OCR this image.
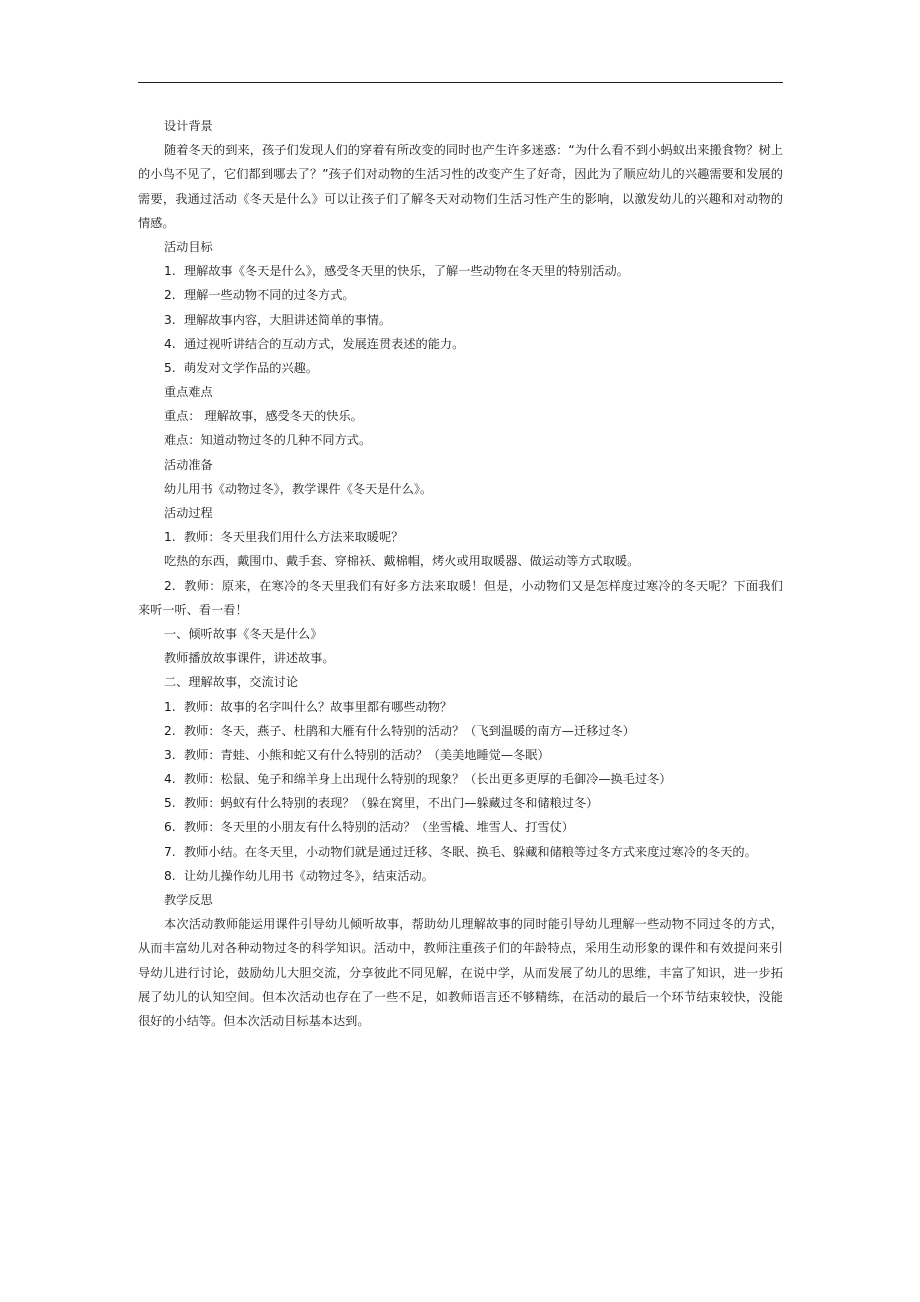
设计背景
随着冬天的到来，孩子们发现人们的穿着有所改变的同时也产生许多迷惑：“为什么看不到小蚂蚁出来搬食物？树上
的小鸟不见了，它们都到哪去了？”孩子们对动物的生活习性的改变产生了好奇，因此为了顺应幼儿的兴趣需要和发展的
需要，我通过活动《冬天是什么》可以让孩子们了解冬天对动物们生活习性产生的影响，以激发幼儿的兴趣和对动物的
情感。
活动目标
1. 理解故事《冬天是什么》，感受冬天里的快乐，了解一些动物在冬天里的特别活动。
2. 理解一些动物不同的过冬方式。
3. 理解故事内容，大胆讲述简单的事情。
4. 通过视听讲结合的互动方式，发展连贯表述的能力。
5. 萌发对文学作品的兴趣。
重点难点
重点： 理解故事，感受冬天的快乐。
难点：知道动物过冬的几种不同方式。
活动准备
幼儿用书《动物过冬》，教学课件《冬天是什么》。
活动过程
1. 教师：冬天里我们用什么方法来取暖呢？
吃热的东西，戴围巾、戴手套、穿棉袄、戴棉帽，烤火或用取暖器、做运动等方式取暖。
2. 教师：原来，在寒冷的冬天里我们有好多方法来取暖！但是，小动物们又是怎样度过寒冷的冬天呢？下面我们
来听一听、看一看！
一、倾听故事《冬天是什么》
教师播放故事课件，讲述故事。
二、理解故事，交流讨论
1. 教师：故事的名字叫什么？故事里都有哪些动物？
2. 教师：冬天，燕子、杜鹃和大雁有什么特别的活动？（飞到温暖的南方—迁移过冬）
3. 教师：青蛙、小熊和蛇又有什么特别的活动？（美美地睡觉—冬眠）
4. 教师：松鼠、兔子和绵羊身上出现什么特别的现象？（长出更多更厚的毛御冷—换毛过冬）
5. 教师：蚂蚁有什么特别的表现？（躲在窝里，不出门—躲藏过冬和储粮过冬）
6. 教师：冬天里的小朋友有什么特别的活动？（坐雪橇、堆雪人、打雪仗）
7. 教师小结。在冬天里，小动物们就是通过迁移、冬眠、换毛、躲藏和储粮等过冬方式来度过寒冷的冬天的。
8. 让幼儿操作幼儿用书《动物过冬》，结束活动。
教学反思
本次活动教师能运用课件引导幼儿倾听故事，帮助幼儿理解故事的同时能引导幼儿理解一些动物不同过冬的方式，
从而丰富幼儿对各种动物过冬的科学知识。活动中，教师注重孩子们的年龄特点，采用生动形象的课件和有效提问来引
导幼儿进行讨论，鼓励幼儿大胆交流，分享彼此不同见解，在说中学，从而发展了幼儿的思维，丰富了知识，进一步拓
展了幼儿的认知空间。但本次活动也存在了一些不足，如教师语言还不够精练，在活动的最后一个环节结束较快，没能
很好的小结等。但本次活动目标基本达到。
